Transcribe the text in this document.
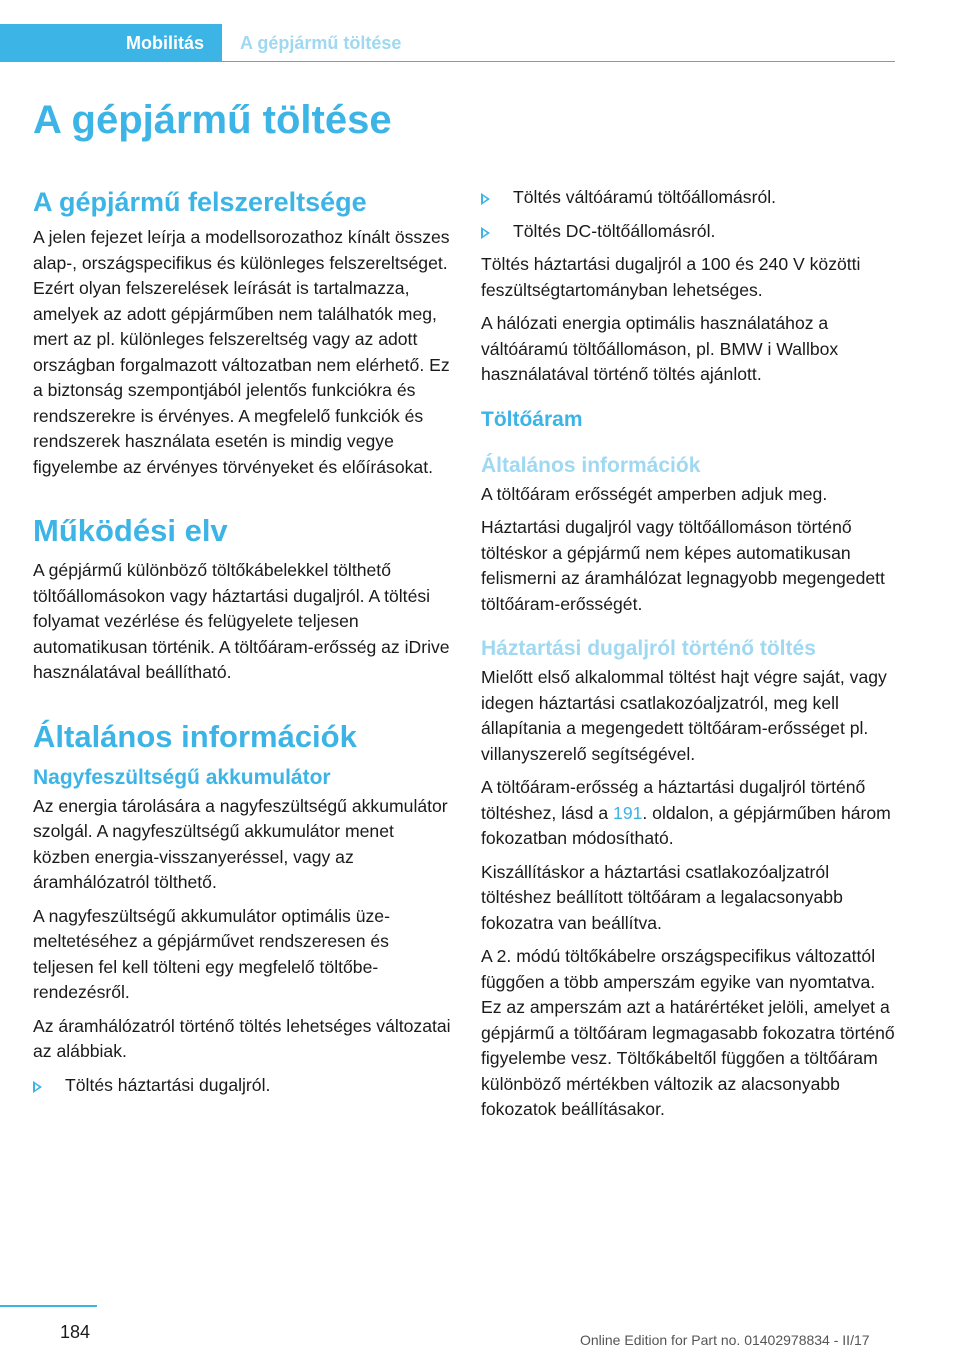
Mobilitás A gépjármű töltése
A gépjármű töltése
A gépjármű felszereltsége

A jelen fejezet leírja a modellsorozathoz kínált összes alap-, országspecifikus és különleges felszereltséget. Ezért olyan felszerelések leírását is tartalmazza, amelyek az adott gépjárműben nem találhatók meg, mert az pl. különleges felszereltség vagy az adott országban forgalmazott változatban nem elérhető. Ez a biztonság szempontjából jelentős funkciókra és rendszerekre is érvényes. A megfelelő funkciók és rendszerek használata esetén is mindig vegye figyelembe az érvényes törvényeket és előírásokat.

Működési elv

A gépjármű különböző töltőkábelekkel tölthető töltőállomásokon vagy háztartási dugaljról. A töltési folyamat vezérlése és felügyelete teljesen automatikusan történik. A töltőáram-erősség az iDrive használatával beállítható.

Általános információk
Nagyfeszültségű akkumulátor

Az energia tárolására a nagyfeszültségű akkumulátor szolgál. A nagyfeszültségű akkumulátor menet közben energia-visszanyeréssel, vagy az áramhálózatról tölthető.

A nagyfeszültségű akkumulátor optimális üzemeltetéséhez a gépjárművet rendszeresen és teljesen fel kell tölteni egy megfelelő töltőberendezésről.

Az áramhálózatról történő töltés lehetséges változatai az alábbiak.

Töltés háztartási dugaljról.
Töltés váltóáramú töltőállomásról.
Töltés DC-töltőállomásról.

Töltés háztartási dugaljról a 100 és 240 V közötti feszültségtartományban lehetséges.

A hálózati energia optimális használatához a váltóáramú töltőállomáson, pl. BMW i Wallbox használatával történő töltés ajánlott.

Töltőáram
Általános információk

A töltőáram erősségét amperben adjuk meg.

Háztartási dugaljról vagy töltőállomáson történő töltéskor a gépjármű nem képes automatikusan felismerni az áramhálózat legnagyobb megengedett töltőáram-erősségét.

Háztartási dugaljról történő töltés

Mielőtt első alkalommal töltést hajt végre saját, vagy idegen háztartási csatlakozóaljzatról, meg kell állapítania a megengedett töltőáram-erősséget pl. villanyszerelő segítségével.

A töltőáram-erősség a háztartási dugaljról történő töltéshez, lásd a 191. oldalon, a gépjárműben három fokozatban módosítható.

Kiszállításkor a háztartási csatlakozóaljzatról töltéshez beállított töltőáram a legalacsonyabb fokozatra van beállítva.

A 2. módú töltőkábelre országspecifikus változattól függően a több amperszám egyike van nyomtatva. Ez az amperszám azt a határértéket jelöli, amelyet a gépjármű a töltőáram legmagasabb fokozatra történő figyelembe vesz. Töltőkábeltől függően a töltőáram különböző mértékben változik az alacsonyabb fokozatok beállításakor.

184	Online Edition for Part no. 01402978834 - II/17
